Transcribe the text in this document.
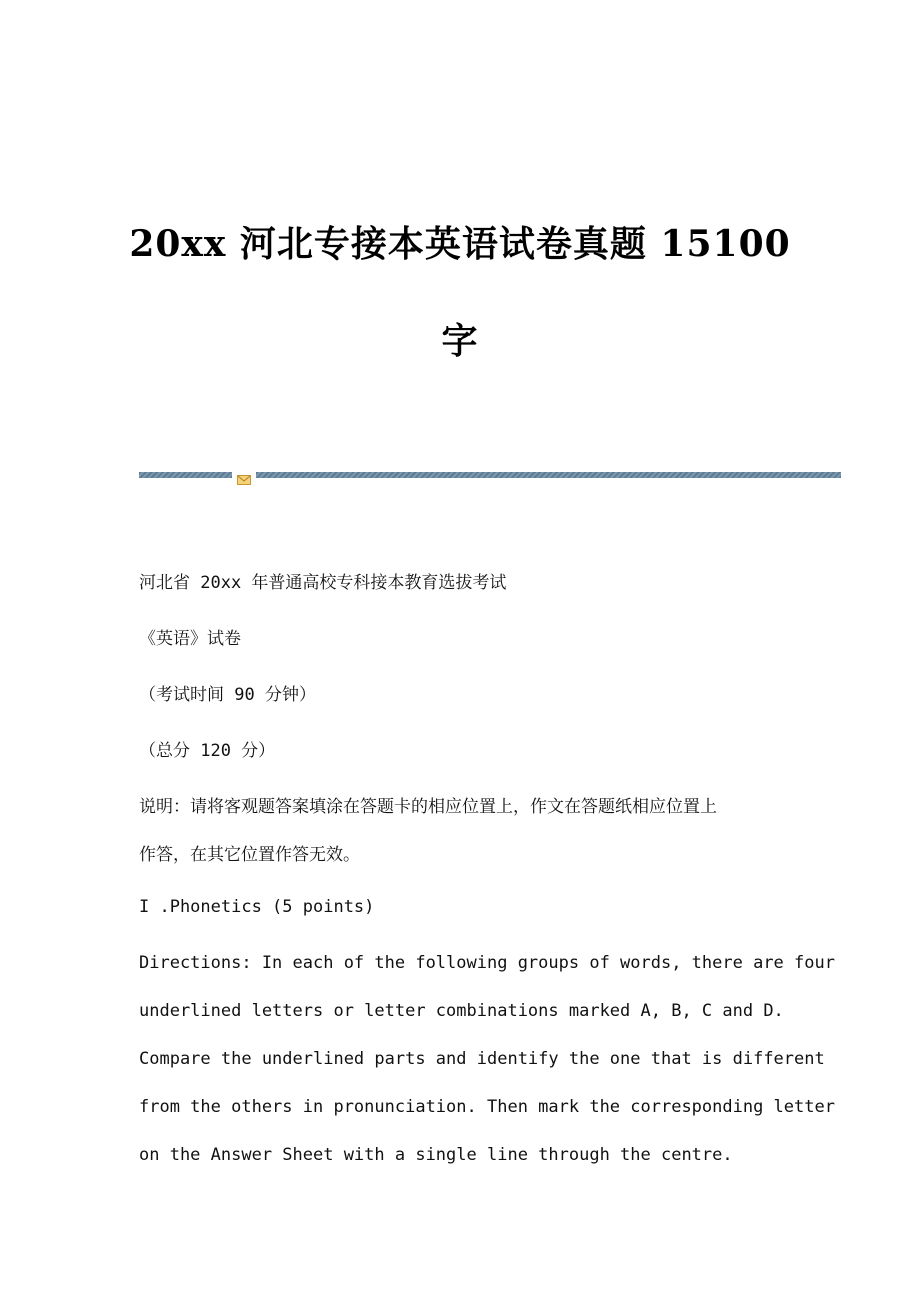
20xx 河北专接本英语试卷真题 15100
字
河北省 20xx 年普通高校专科接本教育选拔考试
《英语》试卷
（考试时间 90 分钟）
（总分 120 分）
说明：请将客观题答案填涂在答题卡的相应位置上，作文在答题纸相应位置上
作答，在其它位置作答无效。
I .Phonetics (5 points)
Directions: In each of the following groups of words, there are four
underlined letters or letter combinations marked A, B, C and D.
Compare the underlined parts and identify the one that is different
from the others in pronunciation. Then mark the corresponding letter
on the Answer Sheet with a single line through the centre.
